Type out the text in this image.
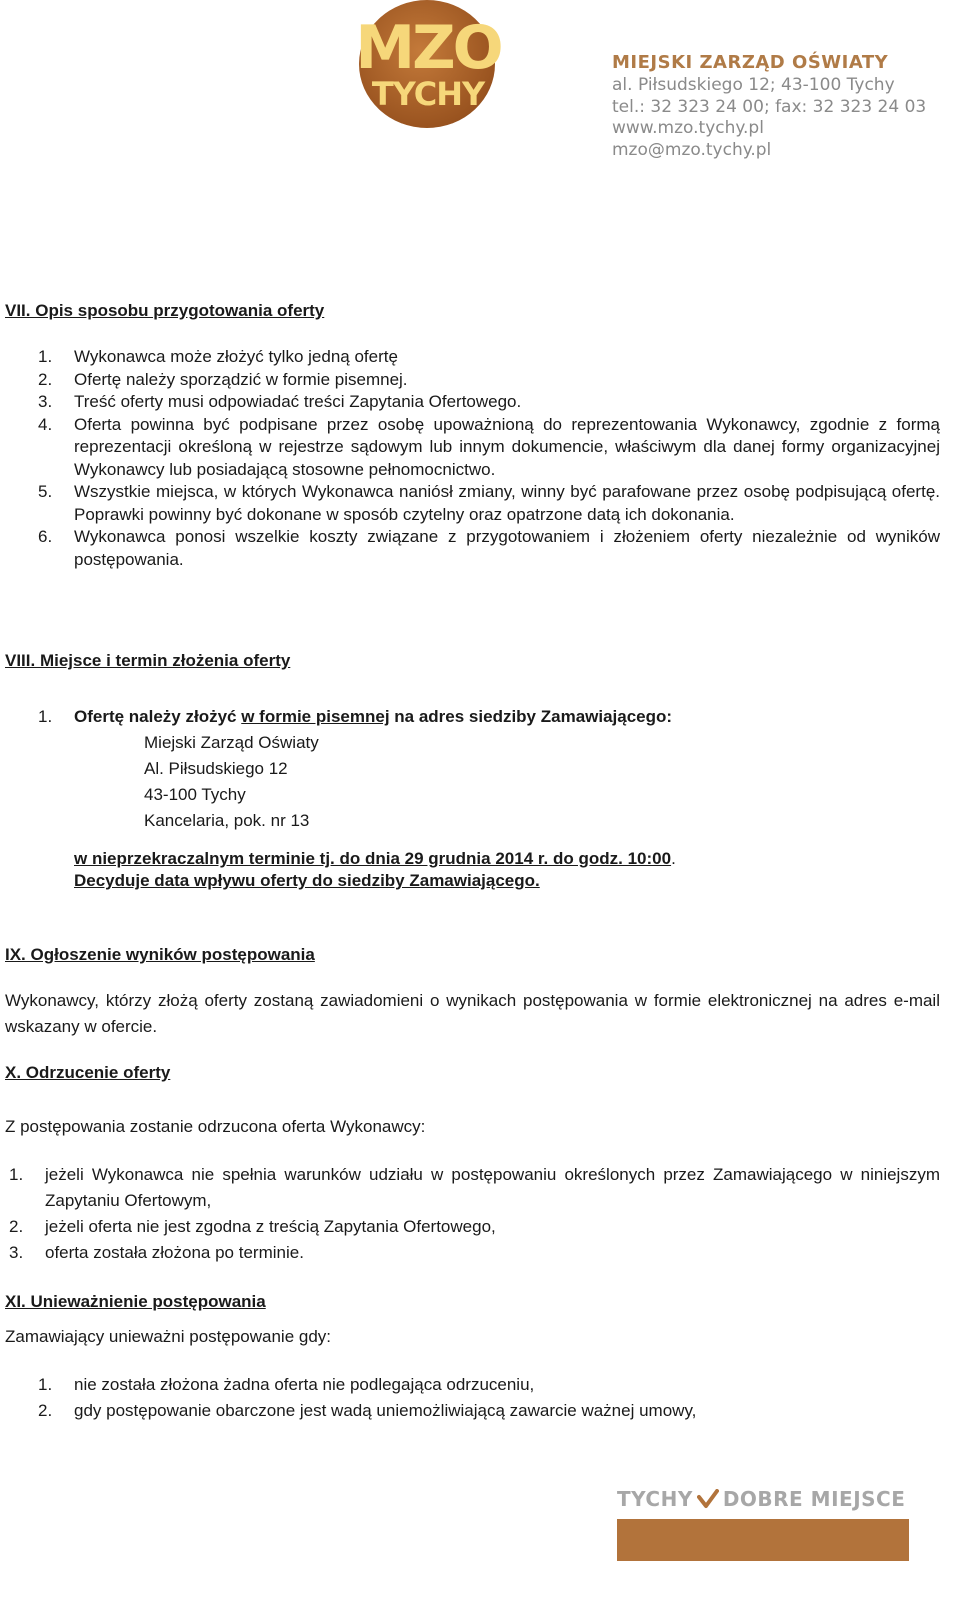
MZO
TYCHY
MIEJSKI ZARZĄD OŚWIATY
al. Piłsudskiego 12; 43-100 Tychy
tel.: 32 323 24 00; fax: 32 323 24 03
www.mzo.tychy.pl
mzo@mzo.tychy.pl
VII. Opis sposobu przygotowania oferty
1. Wykonawca może złożyć tylko jedną ofertę
2. Ofertę należy sporządzić w formie pisemnej.
3. Treść oferty musi odpowiadać treści Zapytania Ofertowego.
4. Oferta powinna być podpisane przez osobę upoważnioną do reprezentowania Wykonawcy, zgodnie z formą reprezentacji określoną w rejestrze sądowym lub innym dokumencie, właściwym dla danej formy organizacyjnej Wykonawcy lub posiadającą stosowne pełnomocnictwo.
5. Wszystkie miejsca, w których Wykonawca naniósł zmiany, winny być parafowane przez osobę podpisującą ofertę. Poprawki powinny być dokonane w sposób czytelny oraz opatrzone datą ich dokonania.
6. Wykonawca ponosi wszelkie koszty związane z przygotowaniem i złożeniem oferty niezależnie od wyników postępowania.
VIII. Miejsce i termin złożenia oferty
1. Ofertę należy złożyć w formie pisemnej na adres siedziby Zamawiającego:
Miejski Zarząd Oświaty
Al. Piłsudskiego 12
43-100 Tychy
Kancelaria, pok. nr 13
w nieprzekraczalnym terminie tj. do dnia 29 grudnia 2014 r. do godz. 10:00.
Decyduje data wpływu oferty do siedziby Zamawiającego.
IX. Ogłoszenie wyników postępowania
Wykonawcy, którzy złożą oferty zostaną zawiadomieni o wynikach postępowania w formie elektronicznej na adres e-mail wskazany w ofercie.
X. Odrzucenie oferty
Z postępowania zostanie odrzucona oferta Wykonawcy:
1. jeżeli Wykonawca nie spełnia warunków udziału w postępowaniu określonych przez Zamawiającego w niniejszym Zapytaniu Ofertowym,
2. jeżeli oferta nie jest zgodna z treścią Zapytania Ofertowego,
3. oferta została złożona po terminie.
XI. Unieważnienie postępowania
Zamawiający unieważni postępowanie gdy:
1. nie została złożona żadna oferta nie podlegająca odrzuceniu,
2. gdy postępowanie obarczone jest wadą uniemożliwiającą zawarcie ważnej umowy,
TYCHY DOBRE MIEJSCE
